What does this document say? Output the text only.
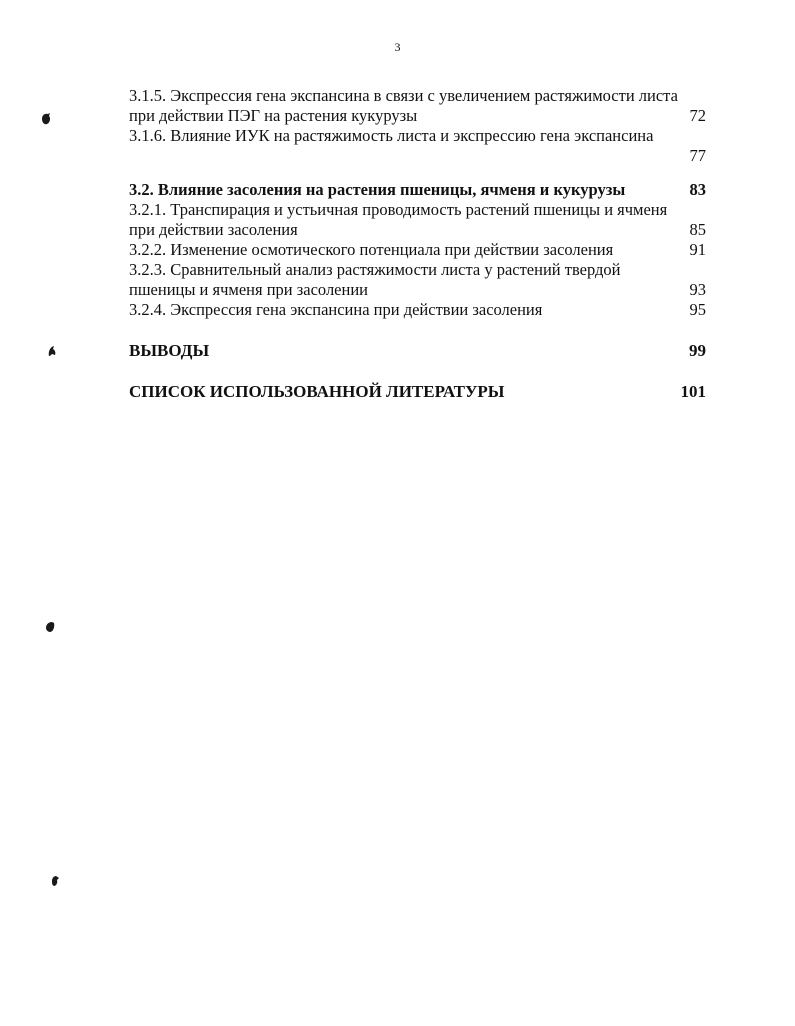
3
3.1.5. Экспрессия гена экспансина в связи с увеличением растяжимости листа
при действии ПЭГ на растения кукурузы	72
3.1.6. Влияние ИУК на растяжимость листа и экспрессию гена экспансина
77
3.2. Влияние засоления на растения пшеницы, ячменя и кукурузы	83
3.2.1. Транспирация и устьичная проводимость растений пшеницы и ячменя
при действии засоления	85
3.2.2. Изменение осмотического потенциала при действии засоления	91
3.2.3. Сравнительный анализ растяжимости листа у растений твердой
пшеницы и ячменя при засолении	93
3.2.4. Экспрессия гена экспансина при действии засоления	95
ВЫВОДЫ	99
СПИСОК ИСПОЛЬЗОВАННОЙ ЛИТЕРАТУРЫ	101
